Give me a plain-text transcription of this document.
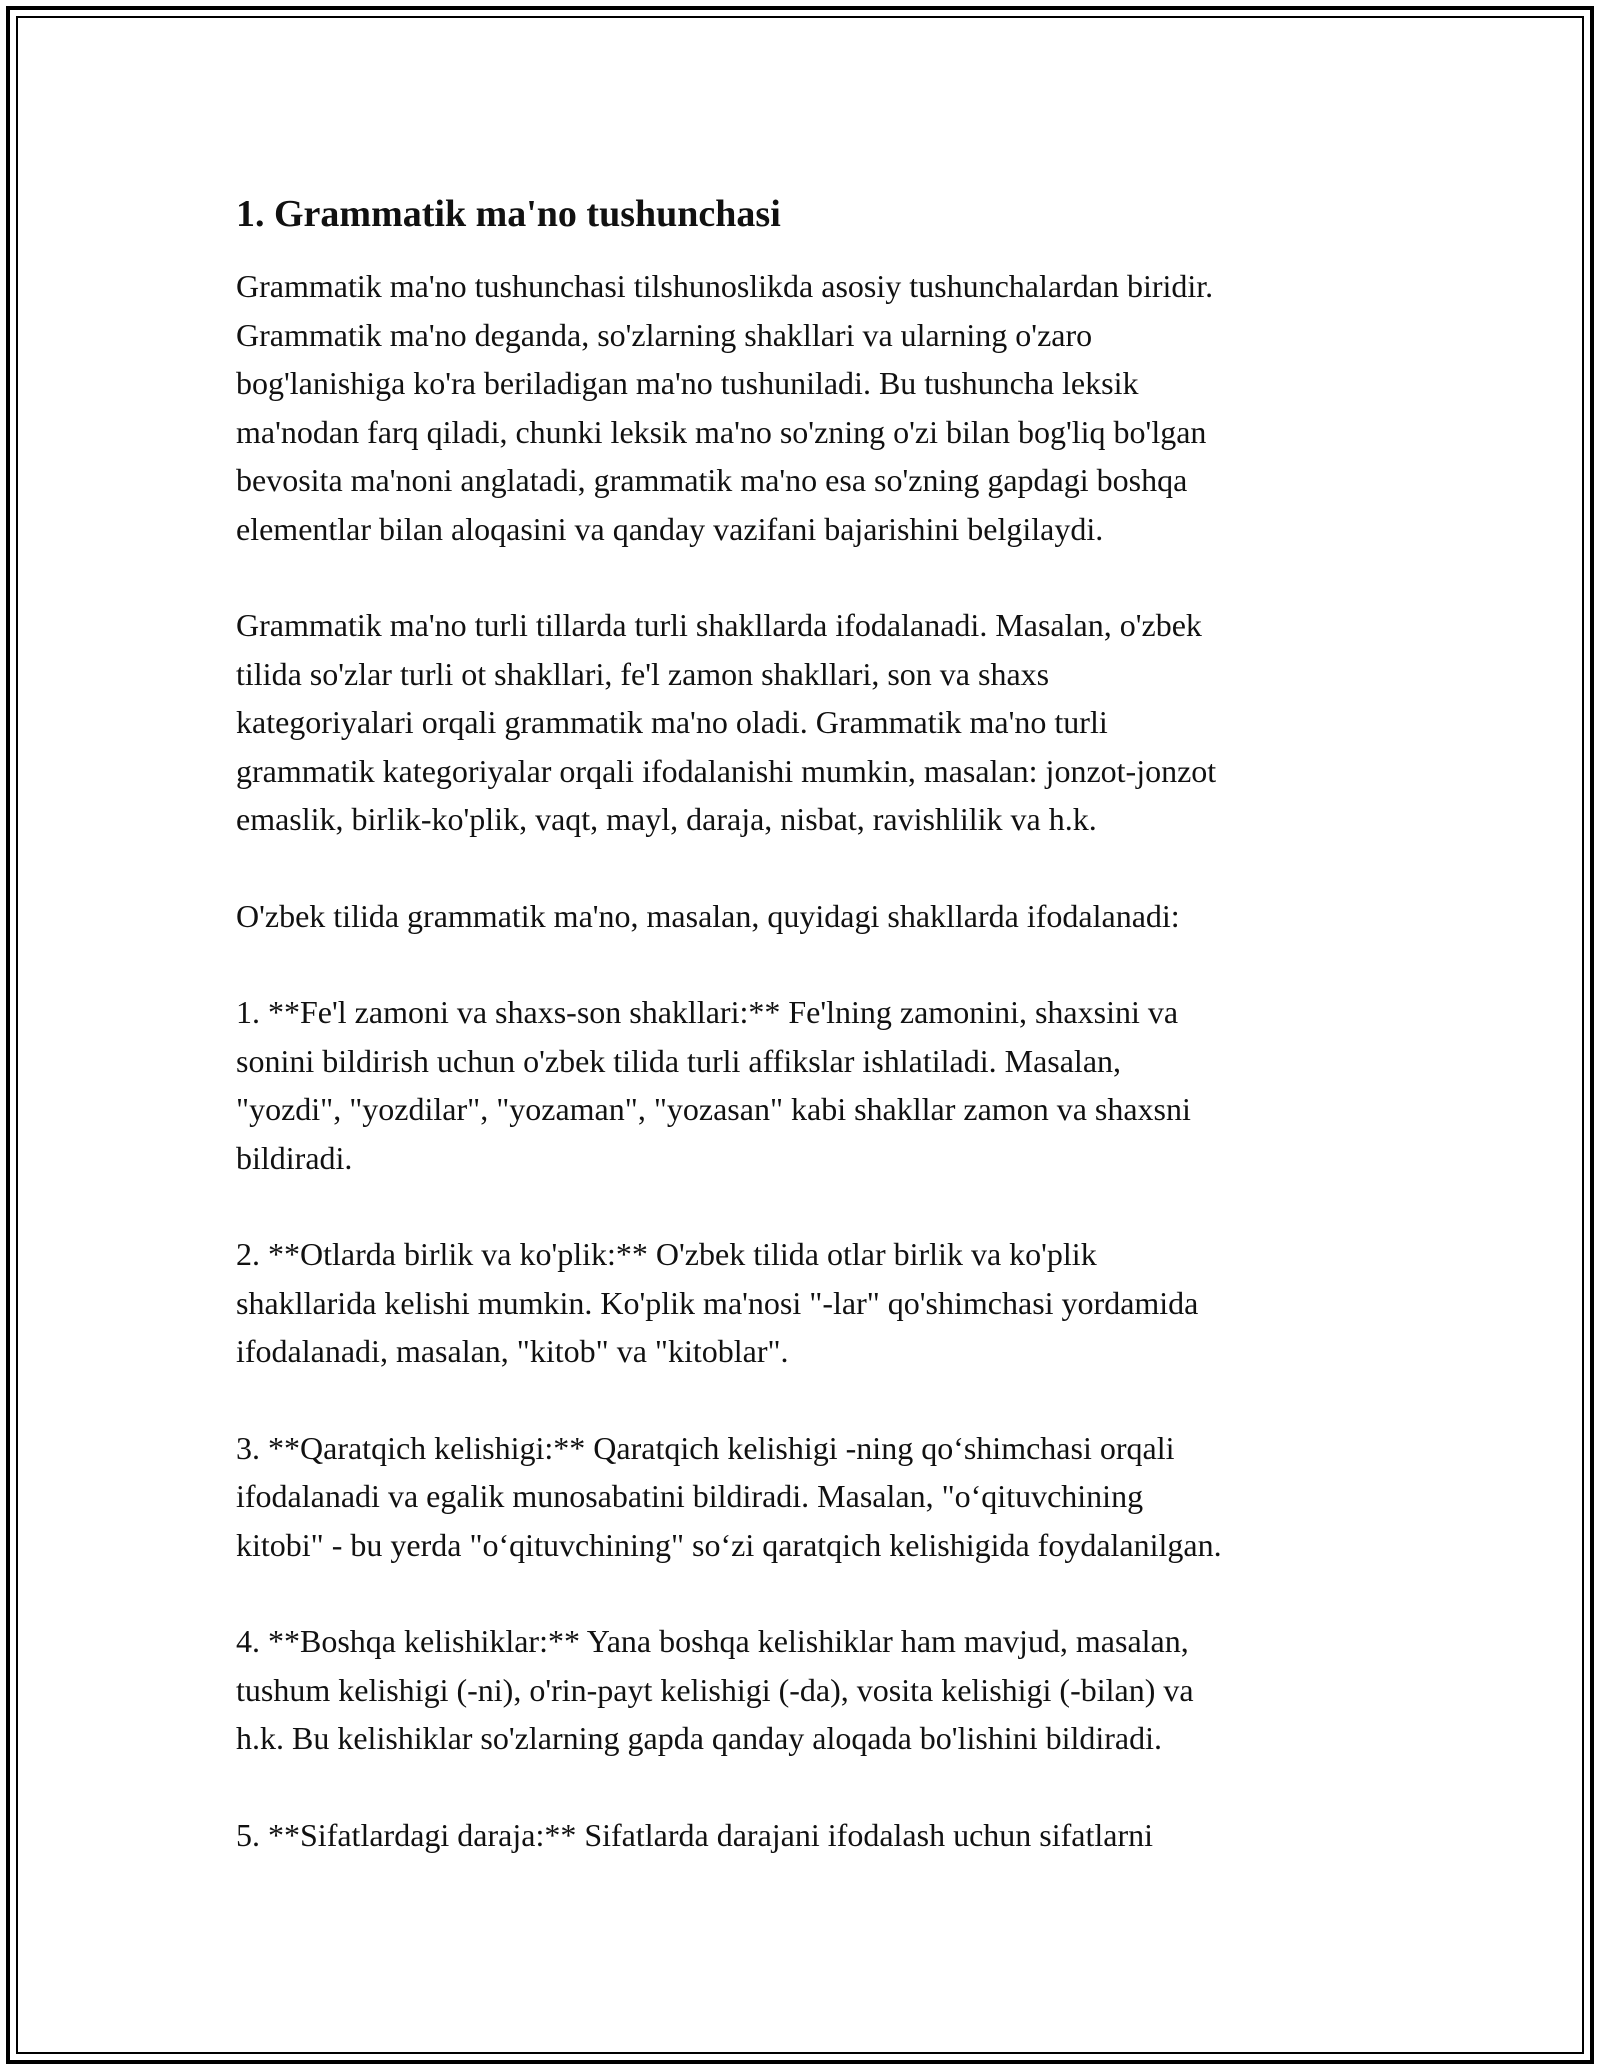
1. Grammatik ma'no tushunchasi
Grammatik ma'no tushunchasi tilshunoslikda asosiy tushunchalardan biridir.
Grammatik ma'no deganda, so'zlarning shakllari va ularning o'zaro
bog'lanishiga ko'ra beriladigan ma'no tushuniladi. Bu tushuncha leksik
ma'nodan farq qiladi, chunki leksik ma'no so'zning o'zi bilan bog'liq bo'lgan
bevosita ma'noni anglatadi, grammatik ma'no esa so'zning gapdagi boshqa
elementlar bilan aloqasini va qanday vazifani bajarishini belgilaydi.
Grammatik ma'no turli tillarda turli shakllarda ifodalanadi. Masalan, o'zbek
tilida so'zlar turli ot shakllari, fe'l zamon shakllari, son va shaxs
kategoriyalari orqali grammatik ma'no oladi. Grammatik ma'no turli
grammatik kategoriyalar orqali ifodalanishi mumkin, masalan: jonzot-jonzot
emaslik, birlik-ko'plik, vaqt, mayl, daraja, nisbat, ravishlilik va h.k.
O'zbek tilida grammatik ma'no, masalan, quyidagi shakllarda ifodalanadi:
1. **Fe'l zamoni va shaxs-son shakllari:** Fe'lning zamonini, shaxsini va
sonini bildirish uchun o'zbek tilida turli affikslar ishlatiladi. Masalan,
"yozdi", "yozdilar", "yozaman", "yozasan" kabi shakllar zamon va shaxsni
bildiradi.
2. **Otlarda birlik va ko'plik:** O'zbek tilida otlar birlik va ko'plik
shakllarida kelishi mumkin. Ko'plik ma'nosi "-lar" qo'shimchasi yordamida
ifodalanadi, masalan, "kitob" va "kitoblar".
3. **Qaratqich kelishigi:** Qaratqich kelishigi -ning qo‘shimchasi orqali
ifodalanadi va egalik munosabatini bildiradi. Masalan, "o‘qituvchining
kitobi" - bu yerda "o‘qituvchining" so‘zi qaratqich kelishigida foydalanilgan.
4. **Boshqa kelishiklar:** Yana boshqa kelishiklar ham mavjud, masalan,
tushum kelishigi (-ni), o'rin-payt kelishigi (-da), vosita kelishigi (-bilan) va
h.k. Bu kelishiklar so'zlarning gapda qanday aloqada bo'lishini bildiradi.
5. **Sifatlardagi daraja:** Sifatlarda darajani ifodalash uchun sifatlarni
